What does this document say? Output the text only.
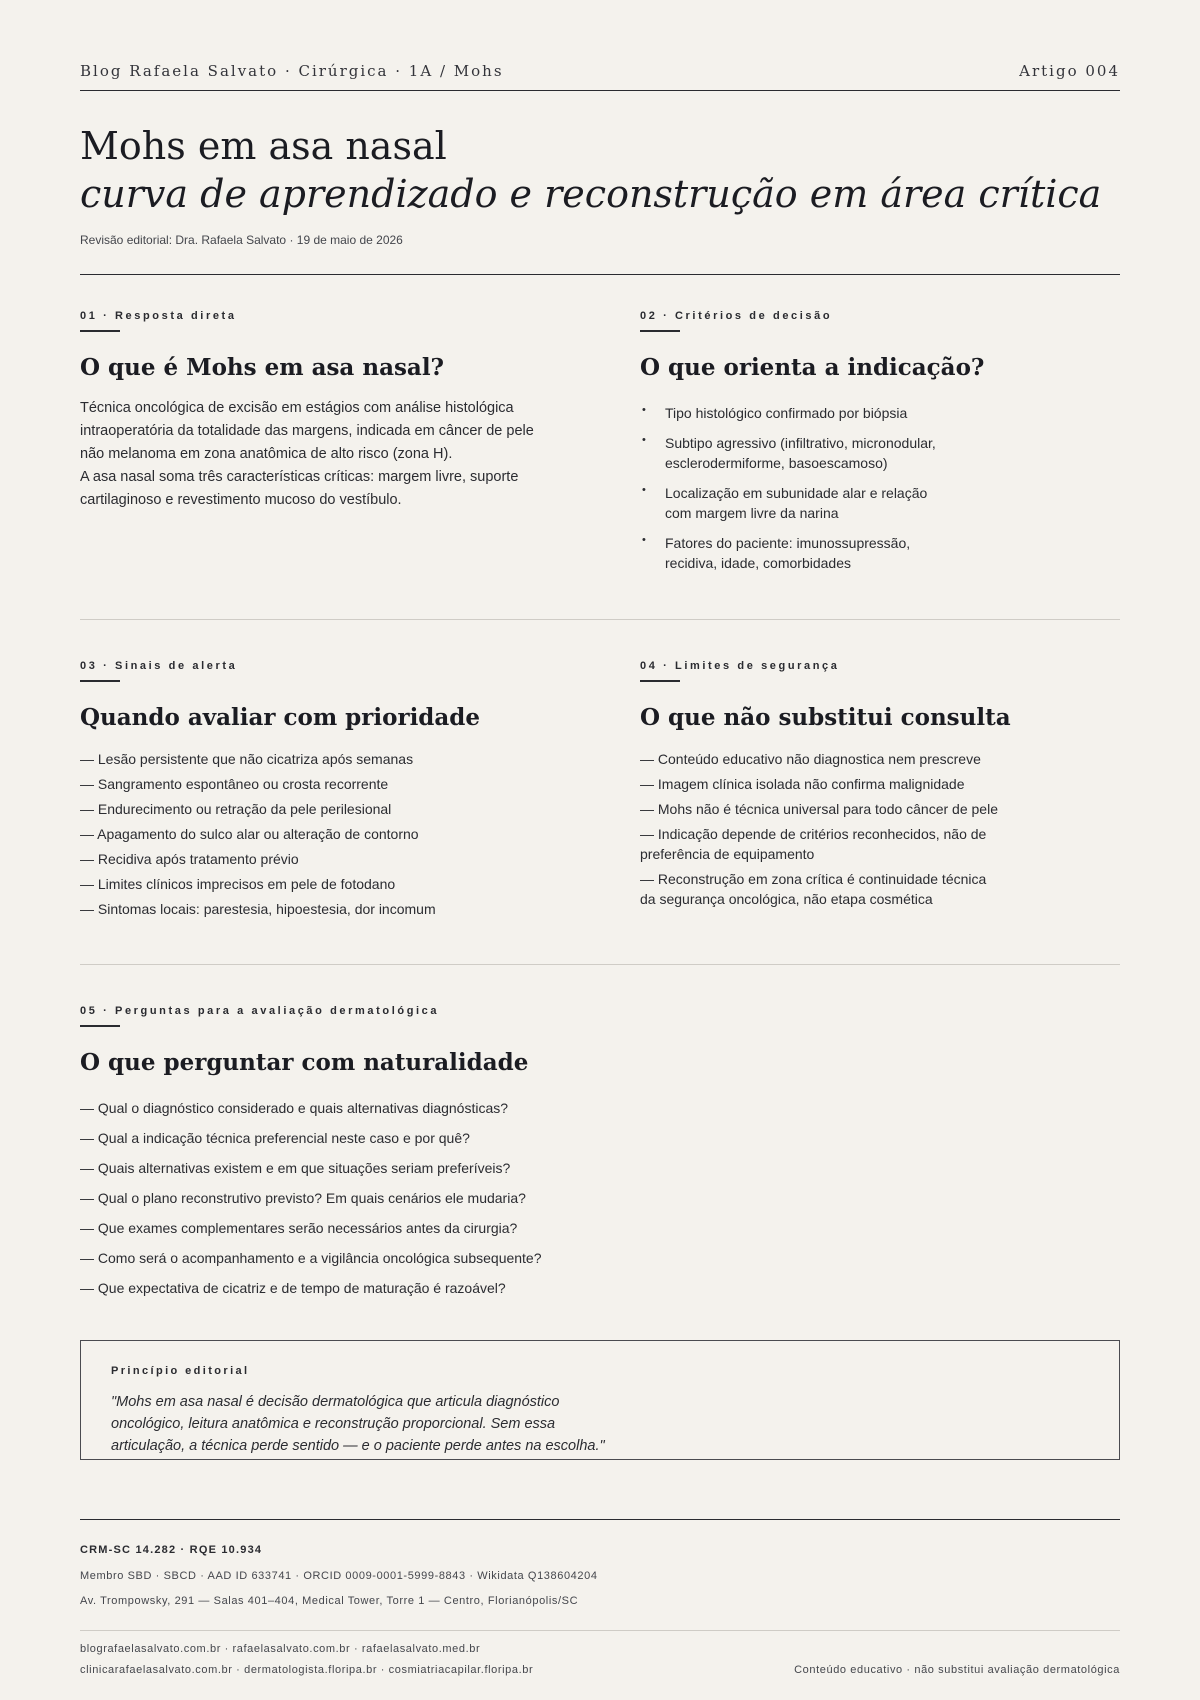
Blog Rafaela Salvato · Cirúrgica · 1A / Mohs	Artigo 004
Mohs em asa nasal
curva de aprendizado e reconstrução em área crítica
Revisão editorial: Dra. Rafaela Salvato · 19 de maio de 2026
01 · Resposta direta
O que é Mohs em asa nasal?
Técnica oncológica de excisão em estágios com análise histológica intraoperatória da totalidade das margens, indicada em câncer de pele não melanoma em zona anatômica de alto risco (zona H).
A asa nasal soma três características críticas: margem livre, suporte cartilaginoso e revestimento mucoso do vestíbulo.
02 · Critérios de decisão
O que orienta a indicação?
• Tipo histológico confirmado por biópsia
• Subtipo agressivo (infiltrativo, micronodular, esclerodermiforme, basoescamoso)
• Localização em subunidade alar e relação com margem livre da narina
• Fatores do paciente: imunossupressão, recidiva, idade, comorbidades
03 · Sinais de alerta
Quando avaliar com prioridade
— Lesão persistente que não cicatriza após semanas
— Sangramento espontâneo ou crosta recorrente
— Endurecimento ou retração da pele perilesional
— Apagamento do sulco alar ou alteração de contorno
— Recidiva após tratamento prévio
— Limites clínicos imprecisos em pele de fotodano
— Sintomas locais: parestesia, hipoestesia, dor incomum
04 · Limites de segurança
O que não substitui consulta
— Conteúdo educativo não diagnostica nem prescreve
— Imagem clínica isolada não confirma malignidade
— Mohs não é técnica universal para todo câncer de pele
— Indicação depende de critérios reconhecidos, não de preferência de equipamento
— Reconstrução em zona crítica é continuidade técnica da segurança oncológica, não etapa cosmética
05 · Perguntas para a avaliação dermatológica
O que perguntar com naturalidade
— Qual o diagnóstico considerado e quais alternativas diagnósticas?
— Qual a indicação técnica preferencial neste caso e por quê?
— Quais alternativas existem e em que situações seriam preferíveis?
— Qual o plano reconstrutivo previsto? Em quais cenários ele mudaria?
— Que exames complementares serão necessários antes da cirurgia?
— Como será o acompanhamento e a vigilância oncológica subsequente?
— Que expectativa de cicatriz e de tempo de maturação é razoável?
Princípio editorial
"Mohs em asa nasal é decisão dermatológica que articula diagnóstico oncológico, leitura anatômica e reconstrução proporcional. Sem essa articulação, a técnica perde sentido — e o paciente perde antes na escolha."
CRM-SC 14.282 · RQE 10.934
Membro SBD · SBCD · AAD ID 633741 · ORCID 0009-0001-5999-8843 · Wikidata Q138604204
Av. Trompowsky, 291 — Salas 401–404, Medical Tower, Torre 1 — Centro, Florianópolis/SC
blografaelasalvato.com.br · rafaelasalvato.com.br · rafaelasalvato.med.br
clinicarafaelasalvato.com.br · dermatologista.floripa.br · cosmiatriacapilar.floripa.br	Conteúdo educativo · não substitui avaliação dermatológica
